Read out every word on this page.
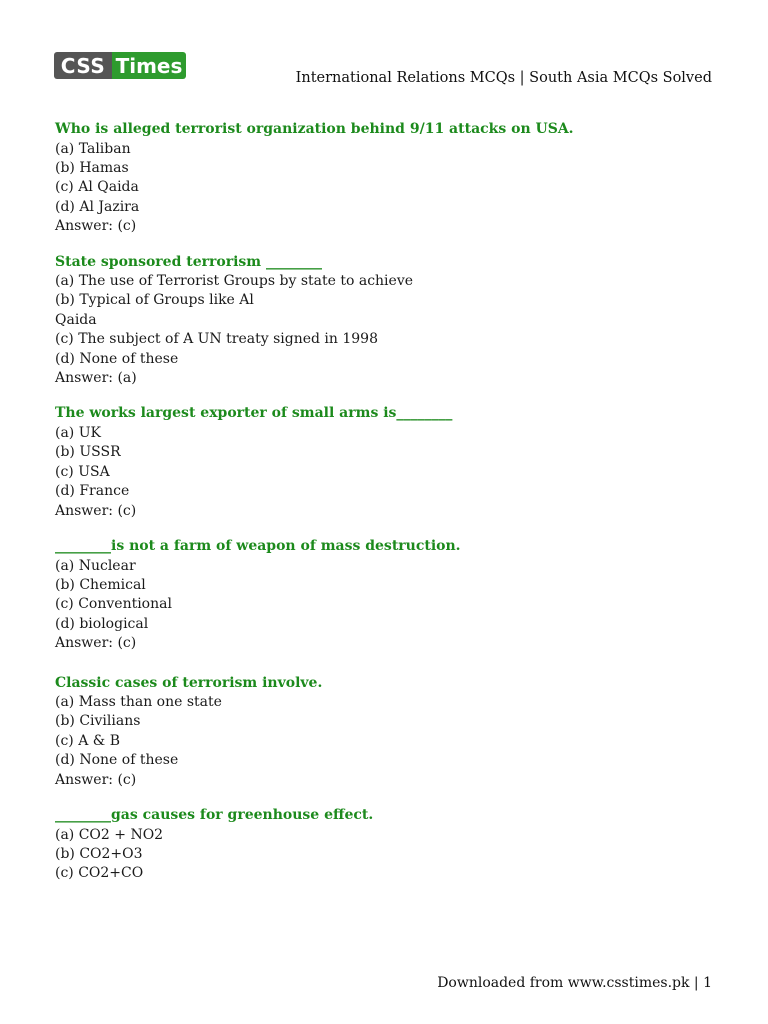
CSS Times
International Relations MCQs | South Asia MCQs Solved
Who is alleged terrorist organization behind 9/11 attacks on USA.
(a) Taliban
(b) Hamas
(c) Al Qaida
(d) Al Jazira
Answer: (c)
State sponsored terrorism ________
(a) The use of Terrorist Groups by state to achieve
(b) Typical of Groups like Al
Qaida
(c) The subject of A UN treaty signed in 1998
(d) None of these
Answer: (a)
The works largest exporter of small arms is________
(a) UK
(b) USSR
(c) USA
(d) France
Answer: (c)
________is not a farm of weapon of mass destruction.
(a) Nuclear
(b) Chemical
(c) Conventional
(d) biological
Answer: (c)
Classic cases of terrorism involve.
(a) Mass than one state
(b) Civilians
(c) A & B
(d) None of these
Answer: (c)
________gas causes for greenhouse effect.
(a) CO2 + NO2
(b) CO2+O3
(c) CO2+CO
Downloaded from www.csstimes.pk | 1
